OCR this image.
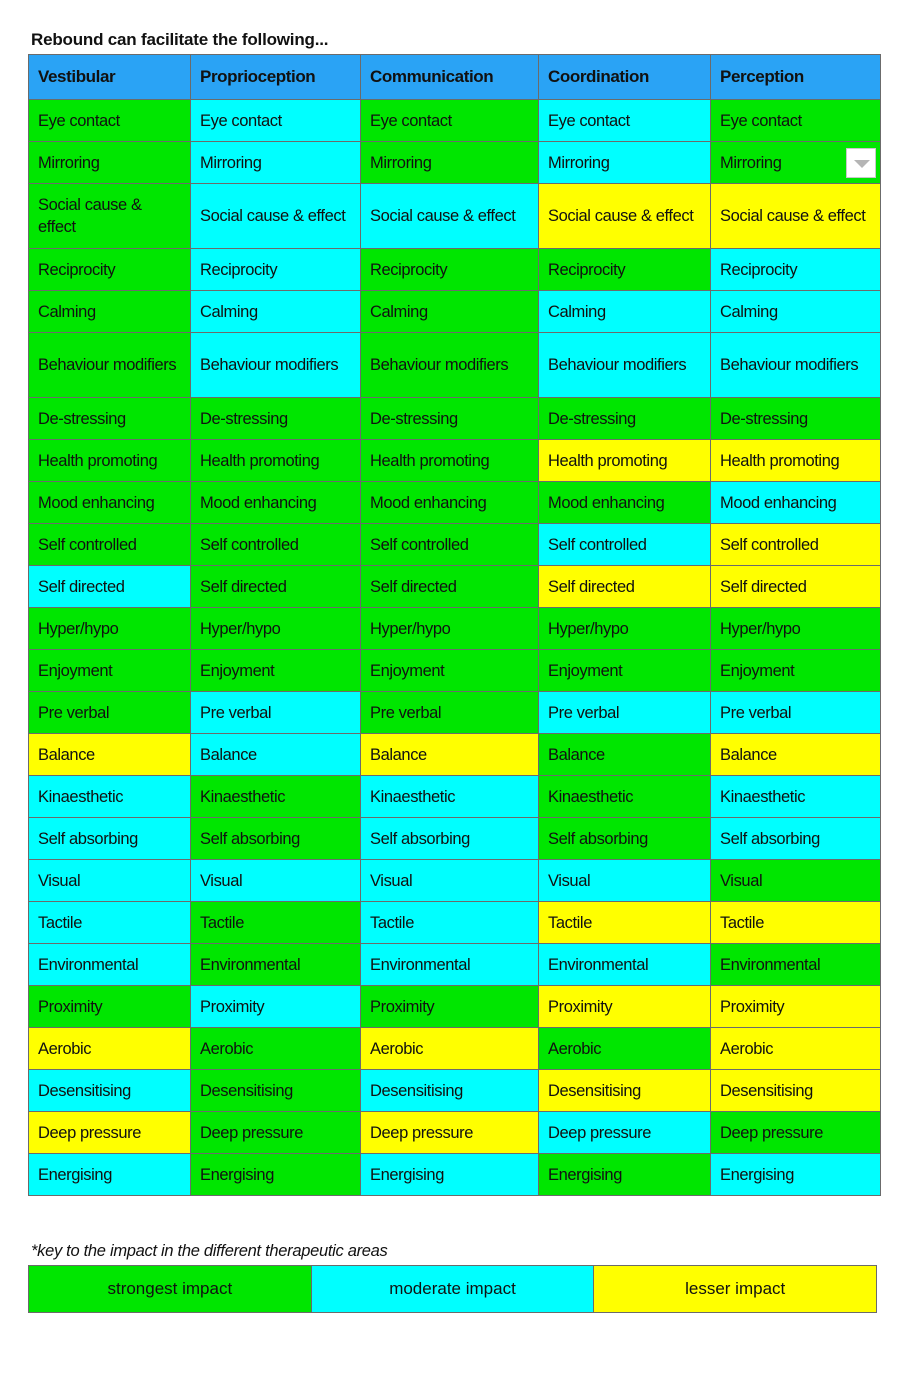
Rebound can facilitate the following...
Vestibular	Proprioception	Communication	Coordination	Perception
Eye contact	Eye contact	Eye contact	Eye contact	Eye contact
Mirroring	Mirroring	Mirroring	Mirroring	Mirroring

Social cause & effect	Social cause & effect	Social cause & effect	Social cause & effect	Social cause & effect
Reciprocity	Reciprocity	Reciprocity	Reciprocity	Reciprocity
Calming	Calming	Calming	Calming	Calming
Behaviour modifiers	Behaviour modifiers	Behaviour modifiers	Behaviour modifiers	Behaviour modifiers
De-stressing	De-stressing	De-stressing	De-stressing	De-stressing
Health promoting	Health promoting	Health promoting	Health promoting	Health promoting
Mood enhancing	Mood enhancing	Mood enhancing	Mood enhancing	Mood enhancing
Self controlled	Self controlled	Self controlled	Self controlled	Self controlled
Self directed	Self directed	Self directed	Self directed	Self directed
Hyper/hypo	Hyper/hypo	Hyper/hypo	Hyper/hypo	Hyper/hypo
Enjoyment	Enjoyment	Enjoyment	Enjoyment	Enjoyment
Pre verbal	Pre verbal	Pre verbal	Pre verbal	Pre verbal
Balance	Balance	Balance	Balance	Balance
Kinaesthetic	Kinaesthetic	Kinaesthetic	Kinaesthetic	Kinaesthetic
Self absorbing	Self absorbing	Self absorbing	Self absorbing	Self absorbing
Visual	Visual	Visual	Visual	Visual
Tactile	Tactile	Tactile	Tactile	Tactile
Environmental	Environmental	Environmental	Environmental	Environmental
Proximity	Proximity	Proximity	Proximity	Proximity
Aerobic	Aerobic	Aerobic	Aerobic	Aerobic
Desensitising	Desensitising	Desensitising	Desensitising	Desensitising
Deep pressure	Deep pressure	Deep pressure	Deep pressure	Deep pressure
Energising	Energising	Energising	Energising	Energising
*key to the impact in the different therapeutic areas
strongest impact	moderate impact	lesser impact
